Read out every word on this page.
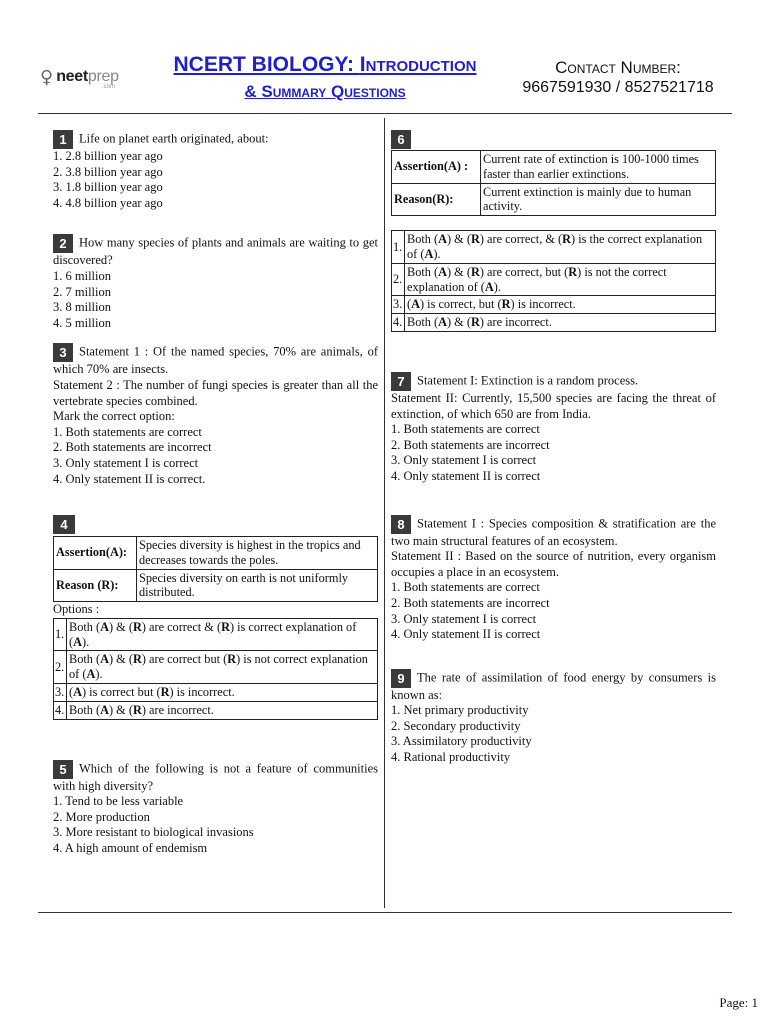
♀ neetprep
.com
NCERT BIOLOGY: Introduction
& Summary Questions
Contact Number:
9667591930 / 8527521718
1 Life on planet earth originated, about:
1. 2.8 billion year ago
2. 3.8 billion year ago
3. 1.8 billion year ago
4. 4.8 billion year ago
2 How many species of plants and animals are waiting to get discovered?
1. 6 million
2. 7 million
3. 8 million
4. 5 million
3 Statement 1 : Of the named species, 70% are animals, of which 70% are insects.
Statement 2 : The number of fungi species is greater than all the vertebrate species combined.
Mark the correct option:
1. Both statements are correct
2. Both statements are incorrect
3. Only statement I is correct
4. Only statement II is correct.
4
Assertion(A):	Species diversity is highest in the tropics and decreases towards the poles.
Reason (R):	Species diversity on earth is not uniformly distributed.
Options :
1.	Both (A) & (R) are correct & (R) is correct explanation of (A).
2.	Both (A) & (R) are correct but (R) is not correct explanation of (A).
3.	(A) is correct but (R) is incorrect.
4.	Both (A) & (R) are incorrect.
5 Which of the following is not a feature of communities with high diversity?
1. Tend to be less variable
2. More production
3. More resistant to biological invasions
4. A high amount of endemism
6
Assertion(A) :	Current rate of extinction is 100-1000 times faster than earlier extinctions.
Reason(R):	Current extinction is mainly due to human activity.
1.	Both (A) & (R) are correct, & (R) is the correct explanation of (A).
2.	Both (A) & (R) are correct, but (R) is not the correct explanation of (A).
3.	(A) is correct, but (R) is incorrect.
4.	Both (A) & (R) are incorrect.
7 Statement I: Extinction is a random process.
Statement II: Currently, 15,500 species are facing the threat of extinction, of which 650 are from India.
1. Both statements are correct
2. Both statements are incorrect
3. Only statement I is correct
4. Only statement II is correct
8 Statement I : Species composition & stratification are the two main structural features of an ecosystem.
Statement II : Based on the source of nutrition, every organism occupies a place in an ecosystem.
1. Both statements are correct
2. Both statements are incorrect
3. Only statement I is correct
4. Only statement II is correct
9 The rate of assimilation of food energy by consumers is known as:
1. Net primary productivity
2. Secondary productivity
3. Assimilatory productivity
4. Rational productivity
Page: 1
